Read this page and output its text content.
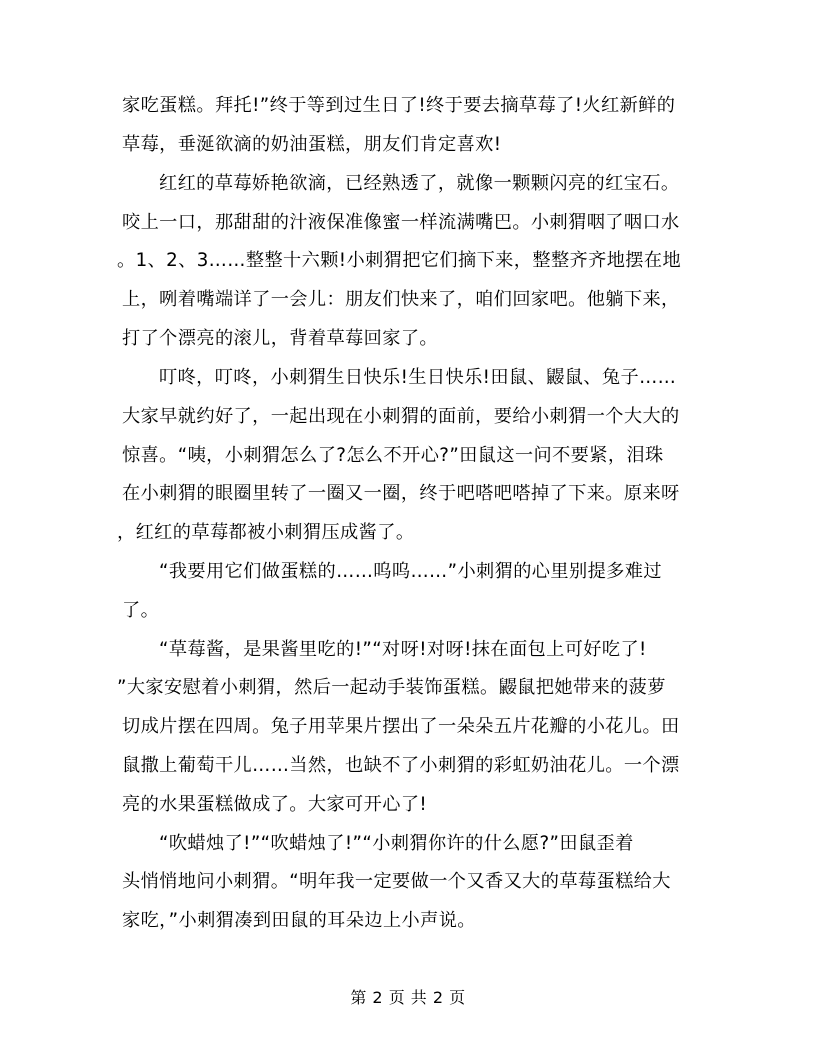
家吃蛋糕。拜托!”终于等到过生日了!终于要去摘草莓了!火红新鲜的
草莓，垂涎欲滴的奶油蛋糕，朋友们肯定喜欢!
红红的草莓娇艳欲滴，已经熟透了，就像一颗颗闪亮的红宝石。
咬上一口，那甜甜的汁液保准像蜜一样流满嘴巴。小刺猬咽了咽口水
。1、2、3……整整十六颗!小刺猬把它们摘下来，整整齐齐地摆在地
上，咧着嘴端详了一会儿：朋友们快来了，咱们回家吧。他躺下来，
打了个漂亮的滚儿，背着草莓回家了。
叮咚，叮咚，小刺猬生日快乐!生日快乐!田鼠、鼹鼠、兔子……
大家早就约好了，一起出现在小刺猬的面前，要给小刺猬一个大大的
惊喜。“咦，小刺猬怎么了?怎么不开心?”田鼠这一问不要紧，泪珠
在小刺猬的眼圈里转了一圈又一圈，终于吧嗒吧嗒掉了下来。原来呀
，红红的草莓都被小刺猬压成酱了。
“我要用它们做蛋糕的……呜呜……”小刺猬的心里别提多难过
了。
“草莓酱，是果酱里吃的!”“对呀!对呀!抹在面包上可好吃了!
”大家安慰着小刺猬，然后一起动手装饰蛋糕。鼹鼠把她带来的菠萝
切成片摆在四周。兔子用苹果片摆出了一朵朵五片花瓣的小花儿。田
鼠撒上葡萄干儿……当然，也缺不了小刺猬的彩虹奶油花儿。一个漂
亮的水果蛋糕做成了。大家可开心了!
“吹蜡烛了!”“吹蜡烛了!”“小刺猬你许的什么愿?”田鼠歪着
头悄悄地问小刺猬。“明年我一定要做一个又香又大的草莓蛋糕给大
家吃，”小刺猬凑到田鼠的耳朵边上小声说。
第 2 页 共 2 页
